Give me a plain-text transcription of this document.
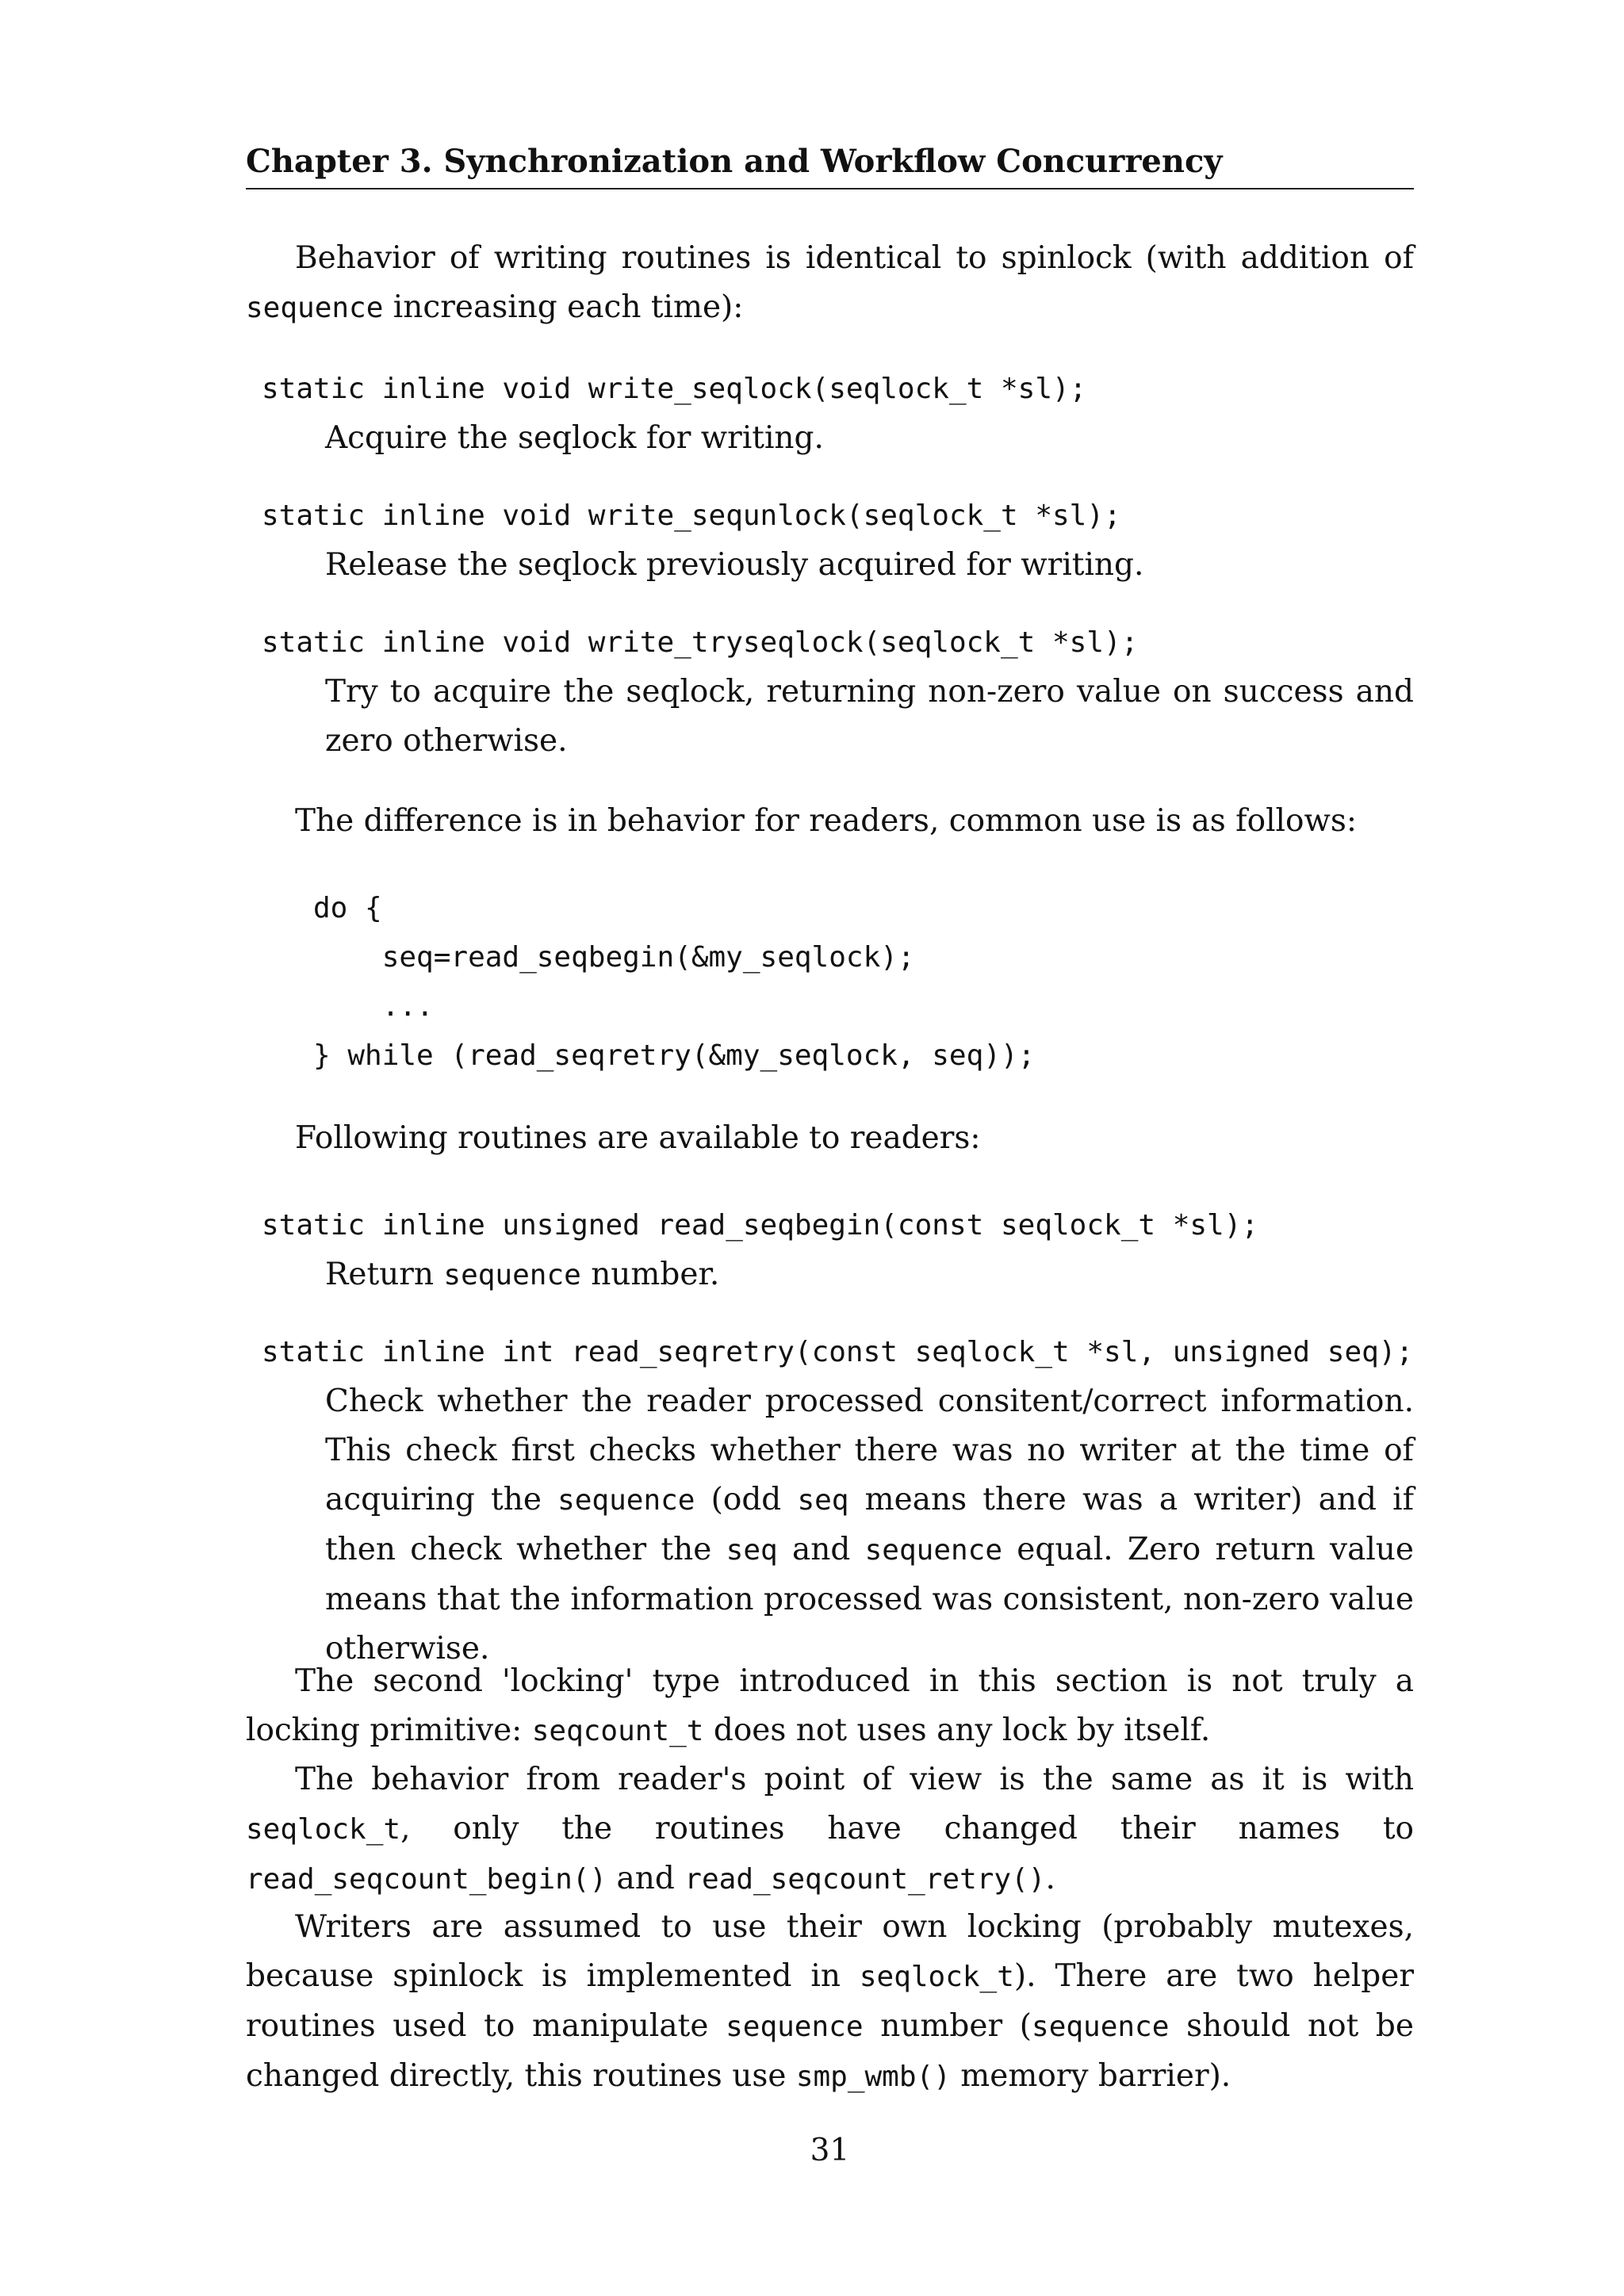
Chapter 3. Synchronization and Workflow Concurrency

Behavior of writing routines is identical to spinlock (with addition of sequence increasing each time):

static inline void write_seqlock(seqlock_t *sl);
Acquire the seqlock for writing.
static inline void write_sequnlock(seqlock_t *sl);
Release the seqlock previously acquired for writing.
static inline void write_tryseqlock(seqlock_t *sl);
Try to acquire the seqlock, returning non-zero value on success and zero otherwise.

The difference is in behavior for readers, common use is as follows:

do {
seq=read_seqbegin(&my_seqlock);
...
} while (read_seqretry(&my_seqlock, seq));

Following routines are available to readers:

static inline unsigned read_seqbegin(const seqlock_t *sl);
Return sequence number.
static inline int read_seqretry(const seqlock_t *sl, unsigned seq);
Check whether the reader processed consitent/correct information. This check first checks whether there was no writer at the time of acquiring the sequence (odd seq means there was a writer) and if then check whether the seq and sequence equal. Zero return value means that the information processed was consistent, non-zero value otherwise.

The second 'locking' type introduced in this section is not truly a locking primitive: seqcount_t does not uses any lock by itself.

The behavior from reader's point of view is the same as it is with seqlock_t, only the routines have changed their names to read_seqcount_begin() and read_seqcount_retry().

Writers are assumed to use their own locking (probably mutexes, because spinlock is implemented in seqlock_t). There are two helper routines used to manipulate sequence number (sequence should not be changed directly, this routines use smp_wmb() memory barrier).

31
